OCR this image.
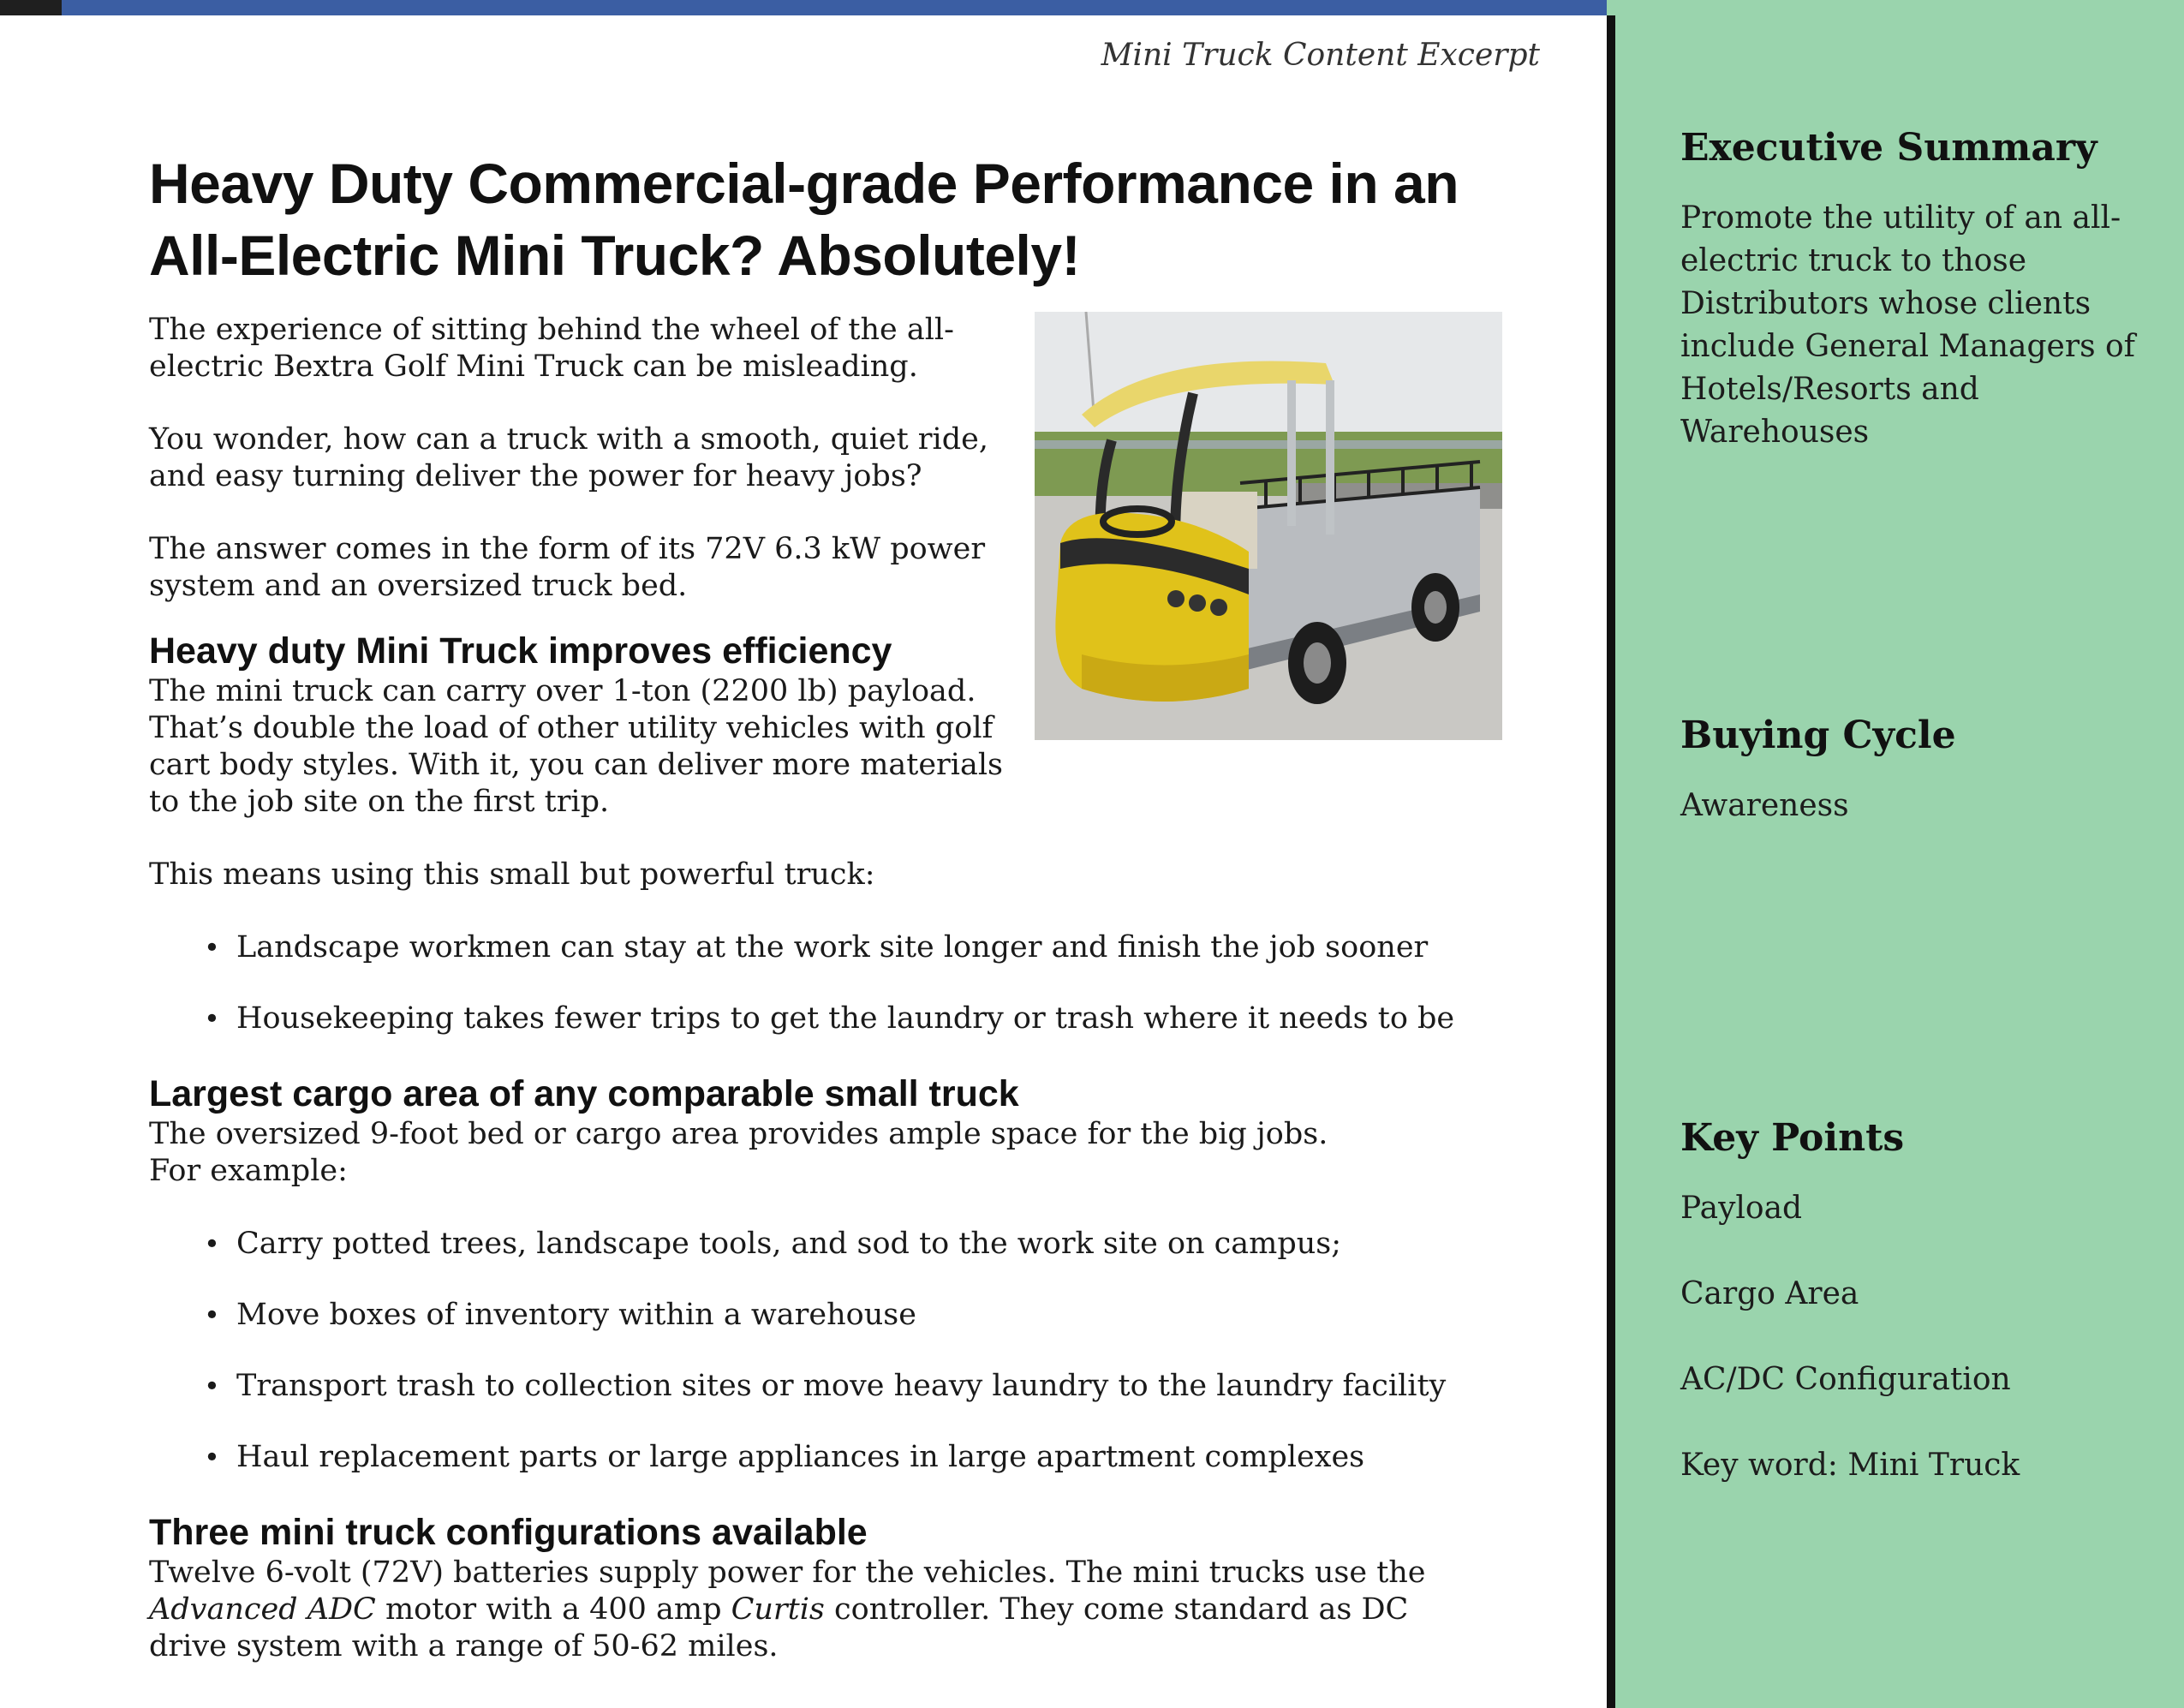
Mini Truck Content Excerpt
Heavy Duty Commercial-grade Performance in an
All-Electric Mini Truck? Absolutely!

The experience of sitting behind the wheel of the all-electric Bextra Golf Mini Truck can be misleading.

You wonder, how can a truck with a smooth, quiet ride, and easy turning deliver the power for heavy jobs?

The answer comes in the form of its 72V 6.3 kW power system and an oversized truck bed.

Heavy duty Mini Truck improves efficiency

The mini truck can carry over 1-ton (2200 lb) payload. That’s double the load of other utility vehicles with golf cart body styles. With it, you can deliver more materials to the job site on the first trip.

This means using this small but powerful truck:

• Landscape workmen can stay at the work site longer and finish the job sooner
• Housekeeping takes fewer trips to get the laundry or trash where it needs to be
Largest cargo area of any comparable small truck

The oversized 9-foot bed or cargo area provides ample space for the big jobs.
For example:

• Carry potted trees, landscape tools, and sod to the work site on campus;
• Move boxes of inventory within a warehouse
• Transport trash to collection sites or move heavy laundry to the laundry facility
• Haul replacement parts or large appliances in large apartment complexes
Three mini truck configurations available

Twelve 6-volt (72V) batteries supply power for the vehicles. The mini trucks use the Advanced ADC motor with a 400 amp Curtis controller. They come standard as DC drive system with a range of 50-62 miles.

Executive Summary
Promote the utility of an all-electric truck to those Distributors whose clients include General Managers of Hotels/Resorts and Warehouses
Buying Cycle
Awareness
Key Points
Payload
Cargo Area
AC/DC Configuration
Key word: Mini Truck
